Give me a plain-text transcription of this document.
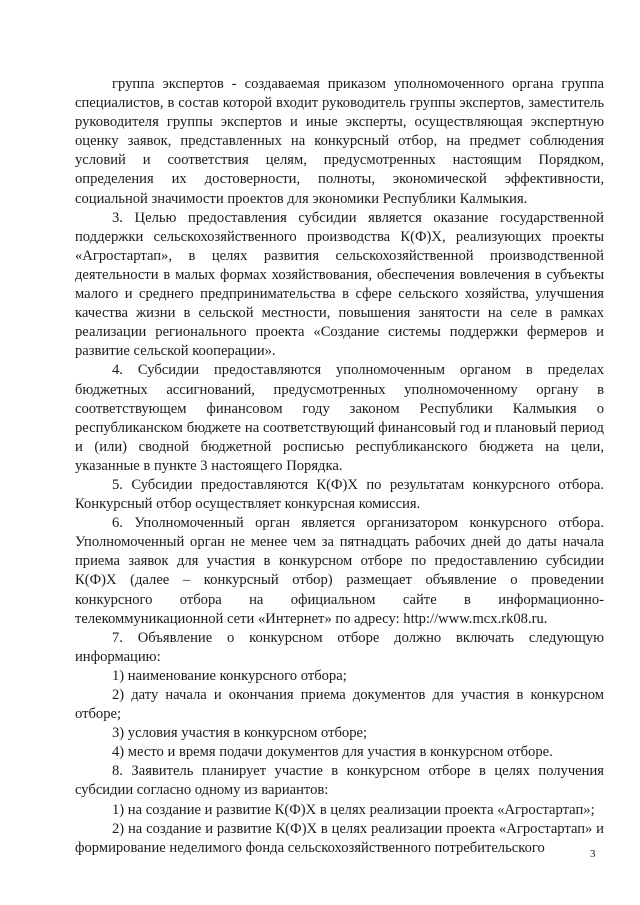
группа экспертов - создаваемая приказом уполномоченного органа группа специалистов, в состав которой входит руководитель группы экспертов, заместитель руководителя группы экспертов и иные эксперты, осуществляющая экспертную оценку заявок, представленных на конкурсный отбор, на предмет соблюдения условий и соответствия целям, предусмотренных настоящим Порядком, определения их достоверности, полноты, экономической эффективности, социальной значимости проектов для экономики Республики Калмыкия.

3. Целью предоставления субсидии является оказание государственной поддержки сельскохозяйственного производства К(Ф)Х, реализующих проекты «Агростартап», в целях развития сельскохозяйственной производственной деятельности в малых формах хозяйствования, обеспечения вовлечения в субъекты малого и среднего предпринимательства в сфере сельского хозяйства, улучшения качества жизни в сельской местности, повышения занятости на селе в рамках реализации регионального проекта «Создание системы поддержки фермеров и развитие сельской кооперации».

4. Субсидии предоставляются уполномоченным органом в пределах бюджетных ассигнований, предусмотренных уполномоченному органу в соответствующем финансовом году законом Республики Калмыкия о республиканском бюджете на соответствующий финансовый год и плановый период и (или) сводной бюджетной росписью республиканского бюджета на цели, указанные в пункте 3 настоящего Порядка.

5. Субсидии предоставляются К(Ф)Х по результатам конкурсного отбора. Конкурсный отбор осуществляет конкурсная комиссия.

6. Уполномоченный орган является организатором конкурсного отбора. Уполномоченный орган не менее чем за пятнадцать рабочих дней до даты начала приема заявок для участия в конкурсном отборе по предоставлению субсидии К(Ф)Х (далее – конкурсный отбор) размещает объявление о проведении конкурсного отбора на официальном сайте в информационно-телекоммуникационной сети «Интернет» по адресу: http://www.mcx.rk08.ru.

7. Объявление о конкурсном отборе должно включать следующую информацию:

1) наименование конкурсного отбора;

2) дату начала и окончания приема документов для участия в конкурсном отборе;

3) условия участия в конкурсном отборе;

4) место и время подачи документов для участия в конкурсном отборе.

8. Заявитель планирует участие в конкурсном отборе в целях получения субсидии согласно одному из вариантов:

1) на создание и развитие К(Ф)Х в целях реализации проекта «Агростартап»;

2) на создание и развитие К(Ф)Х в целях реализации проекта «Агростартап» и формирование неделимого фонда сельскохозяйственного потребительского	3
